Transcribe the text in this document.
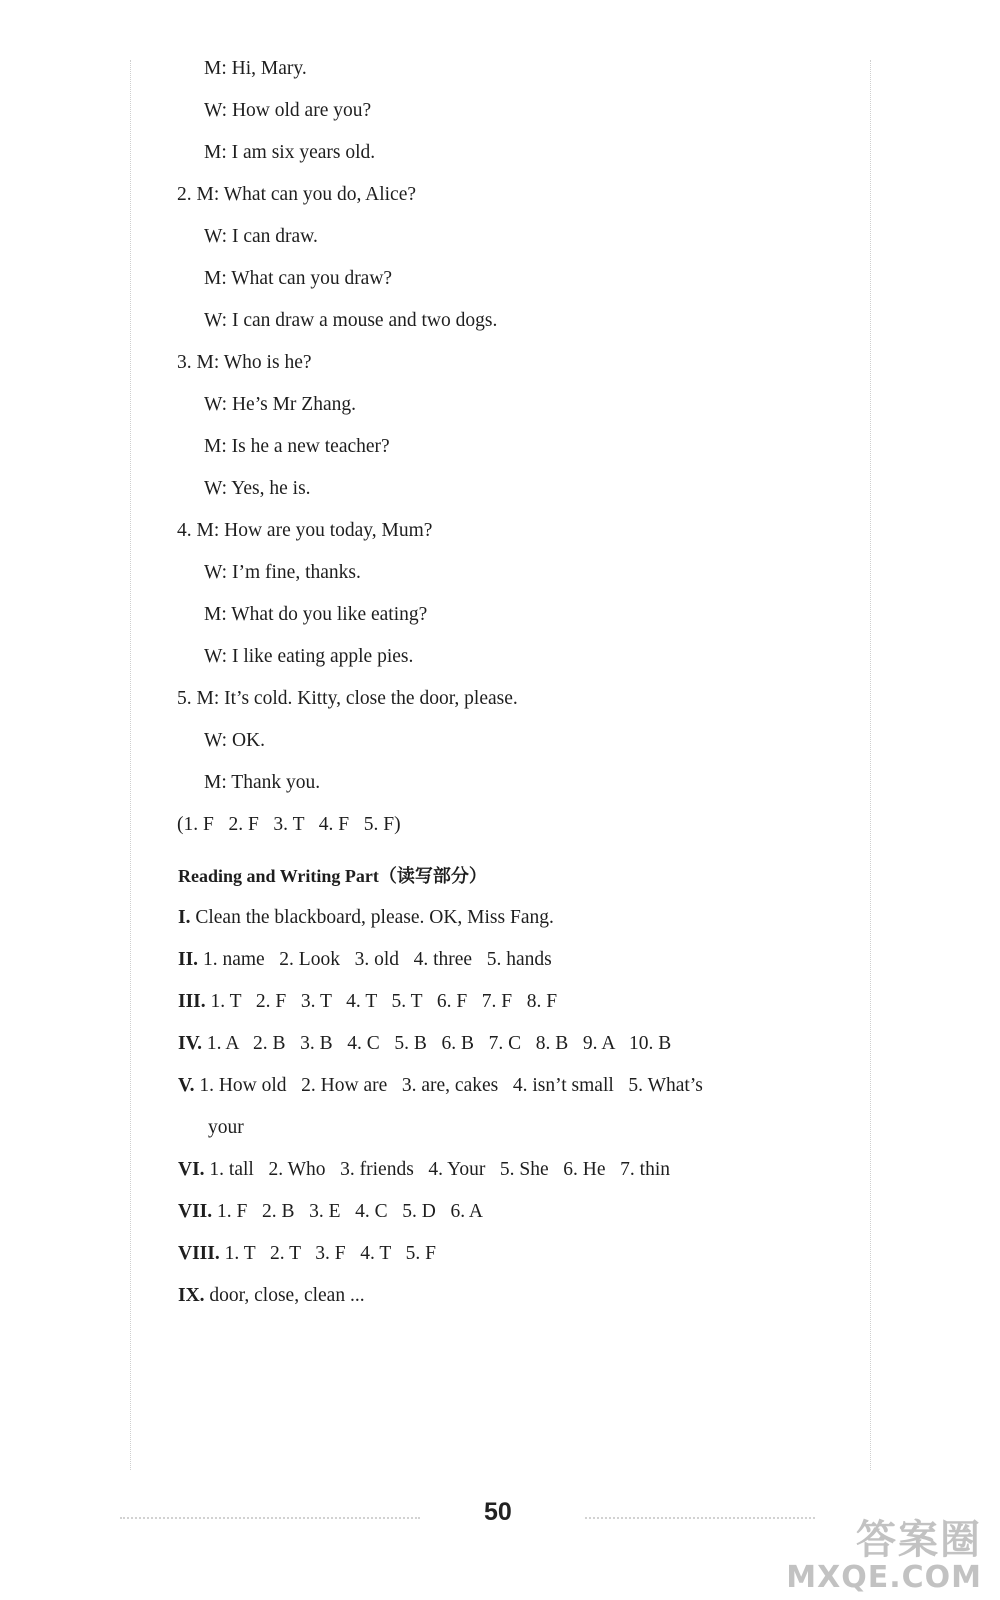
M: Hi, Mary.
W: How old are you?
M: I am six years old.
2. M: What can you do, Alice?
W: I can draw.
M: What can you draw?
W: I can draw a mouse and two dogs.
3. M: Who is he?
W: He’s Mr Zhang.
M: Is he a new teacher?
W: Yes, he is.
4. M: How are you today, Mum?
W: I’m fine, thanks.
M: What do you like eating?
W: I like eating apple pies.
5. M: It’s cold. Kitty, close the door, please.
W: OK.
M: Thank you.
(1. F   2. F   3. T   4. F   5. F)
Reading and Writing Part（读写部分）
I. Clean the blackboard, please. OK, Miss Fang.
II. 1. name   2. Look   3. old   4. three   5. hands
III. 1. T   2. F   3. T   4. T   5. T   6. F   7. F   8. F
IV. 1. A   2. B   3. B   4. C   5. B   6. B   7. C   8. B   9. A   10. B
V. 1. How old   2. How are   3. are, cakes   4. isn’t small   5. What’s
your
VI. 1. tall   2. Who   3. friends   4. Your   5. She   6. He   7. thin
VII. 1. F   2. B   3. E   4. C   5. D   6. A
VIII. 1. T   2. T   3. F   4. T   5. F
IX. door, close, clean ...
50
答案圈
MXQE.COM
